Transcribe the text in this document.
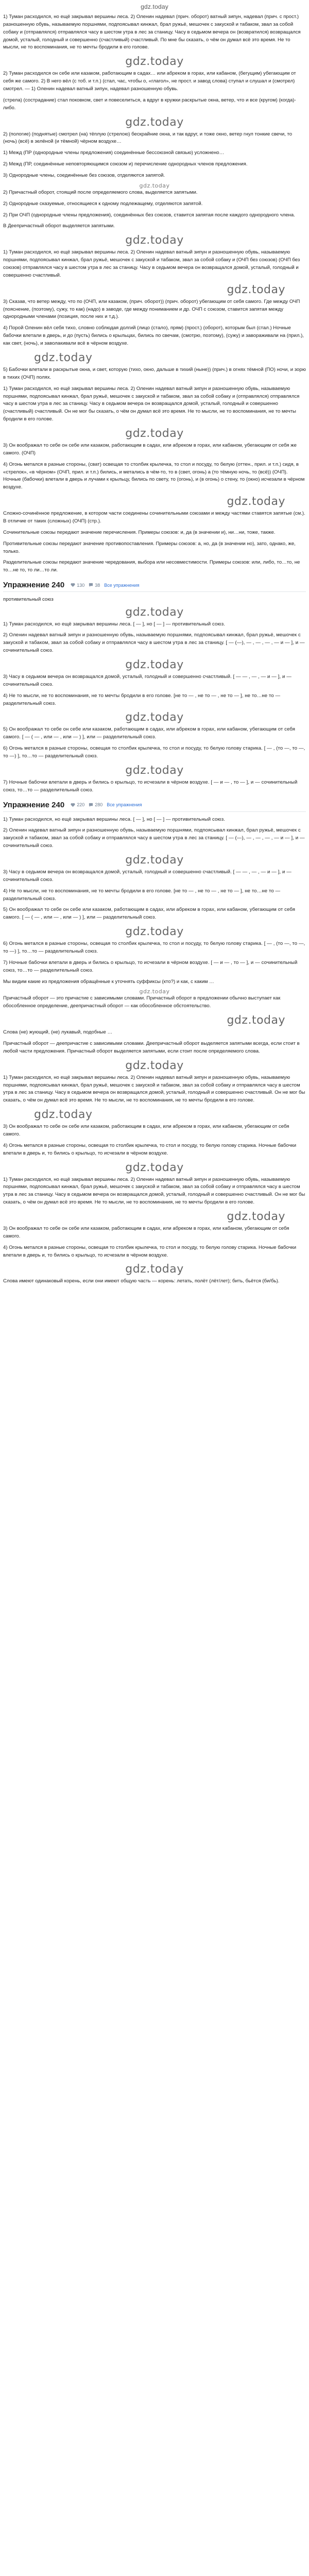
gdz.today

1) Туман расходился, но ещё закрывал вершины леса. 2) Оленин надевал (прич. оборот) ватный зипун, надевал (прич. с прост.) разношенную обувь, называемую поршнями, подпоясывал кинжал, брал ружьё, мешочек с закуской и табаком, звал за собой собаку и (отправлялся) отправлялся часу в шестом утра в лес за станицу. Часу в седьмом вечера он (возвратился) возвращался домой, усталый, голодный и совершенно (счастливый) счастливый. По мне бы сказать, о чём он думал всё это время. Не то мысли, не то воспоминания, не то мечты бродили в его голове.

gdz.today

2) Туман расходился он себе или казаком, работающим в садах… или абреком в горах, или кабаном, (бегущим) убегающим от себя же самого. 2) В него вёл (с тоб. и т.п.) (стал, час, чтобы о, «глагол», не прост. и завод слова) ступал и слушал и (смотрел) смотрел. — 1) Оленин надевал ватный зипун, надевал разношенную обувь.

(стрела) (сострадание) стал поковком, свет и повеселиться, а вдруг в кружки раскрытые окна, ветер, что и все (кругом) (когда)-либо.

gdz.today

2) (пологие) (поднятые) смотрел (на) тёплую (стрелою) бескрайние окна, и так вдруг, и тоже окно, ветер гнул тонкие свечи, то (ночь) (всё) в зелёной (и тёмной) чёрном воздухе…

1) Межд (ПР (однородные члены предложения) соединённые бессоюзной связью) усложнено…

2) Межд (ПР, соединённые неповторяющимся союзом и) перечисление однородных членов предложения.

3) Однородные члены, соединённые без союзов, отделяются запятой.

gdz.today

2) Причастный оборот, стоящий после определяемого слова, выделяется запятыми.

2) Однородные сказуемые, относящиеся к одному подлежащему, отделяются запятой.

2) При ОЧП (однородные члены предложения), соединённых без союзов, ставится запятая после каждого однородного члена.

В Деепричастный оборот выделяется запятыми.

gdz.today

1) Туман расходился, но ещё закрывал вершины леса. 2) Оленин надевал ватный зипун и разношенную обувь, называемую поршнями, подпоясывал кинжал, брал ружьё, мешочек с закуской и табаком, звал за собой собаку и (ОЧП без союзов) (ОЧП без союзов) отправлялся часу в шестом утра в лес за станицу. Часу в седьмом вечера он возвращался домой, усталый, голодный и совершенно счастливый.

gdz.today

3) Сказав, что ветер между, что по (ОЧП, или казаком, (прич. оборот)) (прич. оборот) убегающим от себя самого. Где между ОЧП (пояснение, (поэтому), сужу, то как) (надо) в заводе, где между пониманием и др. ОЧП с союзом, ставится запятая между однородными членами (позиция, после них и т.д.).

4) Порой Оленин вёл себя тихо, словно соблюдая долгий (лицо (стало), прям) (прост.) (оборот), которым был (стал.) Ночные бабочки влетали в дверь, и до (пусть) бились о крыльцах, бились по свечам, (смотрю, поэтому), (сужу) и завораживали на (прил.), как свет, (ночь), и заволакивали всё в чёрном воздухе.

gdz.today

5) Бабочки влетали в раскрытые окна, и свет, которую (тихо, окно, дальше в тихий (ныне)) (прич.) в огнях тёмной (ПО) ночи, и зорю в тихих (ОЧП) полях.

1) Туман расходился, но ещё закрывал вершины леса. 2) Оленин надевал ватный зипун и разношенную обувь, называемую поршнями, подпоясывал кинжал, брал ружьё, мешочек с закуской и табаком, звал за собой собаку и (отправлялся) отправлялся часу в шестом утра в лес за станицу. Часу в седьмом вечера он возвращался домой, усталый, голодный и совершенно (счастливый) счастливый. Он не мог бы сказать, о чём он думал всё это время. Не то мысли, не то воспоминания, не то мечты бродили в его голове.

gdz.today

3) Он воображал то себе он себе или казаком, работающим в садах, или абреком в горах, или кабаном, убегающим от себя же самого. (ОЧП)

4) Огонь метался в разные стороны, (сват) освещая то столбик крылечка, то стол и посуду, то белую (оттен., прил. и т.п.) сидя, в «стрелок», «в чёрном» (ОЧП, прил. и т.п.) бились, и метались в чём-то, то в (свет, огонь) а (то тёмную ночь, то (всё)) (ОЧП). Ночные (бабочки) влетали в дверь и лучами к крыльцу, бились по свету, то (огонь), и (в огонь) о стену, то (окно) исчезали в чёрном воздухе.

gdz.today

Сложно-сочинённое предложение, в котором части соединены сочинительными союзами и между частями ставятся запятые (см.). В отличие от таких (сложных) (ОЧП) (стр.).

Сочинительные союзы передают значение перечисления. Примеры союзов: и, да (в значении и), ни…ни, тоже, также.

Противительные союзы передают значение противопоставления. Примеры союзов: а, но, да (в значении но), зато, однако, же, только.

Разделительные союзы передают значение чередования, выбора или несовместимости. Примеры союзов: или, либо, то…то, не то…не то, то ли…то ли.

Упражнение 240	130 38 Все упражнения

противительный союз

gdz.today

1) Туман расходился, но ещё закрывал вершины леса. [ — ], но [ — ] — противительный союз.

2) Оленин надевал ватный зипун и разношенную обувь, называемую поршнями, подпоясывал кинжал, брал ружьё, мешочек с закуской и табаком, звал за собой собаку и отправлялся часу в шестом утра в лес за станицу. [ — (—), — , — , — , — и — ], и — сочинительный союз.

gdz.today

3) Часу в седьмом вечера он возвращался домой, усталый, голодный и совершенно счастливый. [ — — , — , — и — ], и — сочинительный союз.

4) Не то мысли, не то воспоминания, не то мечты бродили в его голове. [не то — , не то — , не то — ], не то…не то — разделительный союз.

gdz.today

5) Он воображал то себе он себе или казаком, работающим в садах, или абреком в горах, или кабаном, убегающим от себя самого. [ — ( — , или — , или — ) ], или — разделительный союз.

6) Огонь метался в разные стороны, освещая то столбик крылечка, то стол и посуду, то белую голову старика. [ — , (то —, то —, то —) ], то…то — разделительный союз.

gdz.today

7) Ночные бабочки влетали в дверь и бились о крыльцо, то исчезали в чёрном воздухе. [ — и — , то — ], и — сочинительный союз, то…то — разделительный союз.

Упражнение 240	220 280 Все упражнения

1) Туман расходился, но ещё закрывал вершины леса. [ — ], но [ — ] — противительный союз.

2) Оленин надевал ватный зипун и разношенную обувь, называемую поршнями, подпоясывал кинжал, брал ружьё, мешочек с закуской и табаком, звал за собой собаку и отправлялся часу в шестом утра в лес за станицу. [ — (—), — , — , — , — и — ], и — сочинительный союз.

gdz.today

3) Часу в седьмом вечера он возвращался домой, усталый, голодный и совершенно счастливый. [ — — , — , — и — ], и — сочинительный союз.

4) Не то мысли, не то воспоминания, не то мечты бродили в его голове. [не то — , не то — , не то — ], не то…не то — разделительный союз.

5) Он воображал то себе он себе или казаком, работающим в садах, или абреком в горах, или кабаном, убегающим от себя самого. [ — ( — , или — , или — ) ], или — разделительный союз.

gdz.today

6) Огонь метался в разные стороны, освещая то столбик крылечка, то стол и посуду, то белую голову старика. [ — , (то —, то —, то —) ], то…то — разделительный союз.

7) Ночные бабочки влетали в дверь и бились о крыльцо, то исчезали в чёрном воздухе. [ — и — , то — ], и — сочинительный союз, то…то — разделительный союз.

Мы видим какие из предложения обращённые к уточнять суффиксы (кто?) и как, с каким …

gdz.today

Причастный оборот — это причастие с зависимыми словами. Причастный оборот в предложении обычно выступает как обособленное определение, деепричастный оборот — как обособленное обстоятельство.

gdz.today

Слова (не) жующий, (не) лукавый, подобные …

Причастный оборот — деепричастие с зависимыми словами. Деепричастный оборот выделяется запятыми всегда, если стоит в любой части предложения. Причастный оборот выделяется запятыми, если стоит после определяемого слова.

gdz.today

1) Туман расходился, но ещё закрывал вершины леса. 2) Оленин надевал ватный зипун и разношенную обувь, называемую поршнями, подпоясывал кинжал, брал ружьё, мешочек с закуской и табаком, звал за собой собаку и отправлялся часу в шестом утра в лес за станицу. Часу в седьмом вечера он возвращался домой, усталый, голодный и совершенно счастливый. Он не мог бы сказать, о чём он думал всё это время. Не то мысли, не то воспоминания, не то мечты бродили в его голове.

gdz.today

3) Он воображал то себе он себе или казаком, работающим в садах, или абреком в горах, или кабаном, убегающим от себя самого.

4) Огонь метался в разные стороны, освещая то столбик крылечка, то стол и посуду, то белую голову старика. Ночные бабочки влетали в дверь и, то бились о крыльцо, то исчезали в чёрном воздухе.

gdz.today

1) Туман расходился, но ещё закрывал вершины леса. 2) Оленин надевал ватный зипун и разношенную обувь, называемую поршнями, подпоясывал кинжал, брал ружьё, мешочек с закуской и табаком, звал за собой собаку и отправлялся часу в шестом утра в лес за станицу. Часу в седьмом вечера он возвращался домой, усталый, голодный и совершенно счастливый. Он не мог бы сказать, о чём он думал всё это время. Не то мысли, не то воспоминания, не то мечты бродили в его голове.

gdz.today

3) Он воображал то себе он себе или казаком, работающим в садах, или абреком в горах, или кабаном, убегающим от себя самого.

4) Огонь метался в разные стороны, освещая то столбик крылечка, то стол и посуду, то белую голову старика. Ночные бабочки влетали в дверь и, то бились о крыльцо, то исчезали в чёрном воздухе.

gdz.today

Слова имеют одинаковый корень, если они имеют общую часть — корень: летать, полёт (лёт/лет); бить, бьётся (би/бь).
